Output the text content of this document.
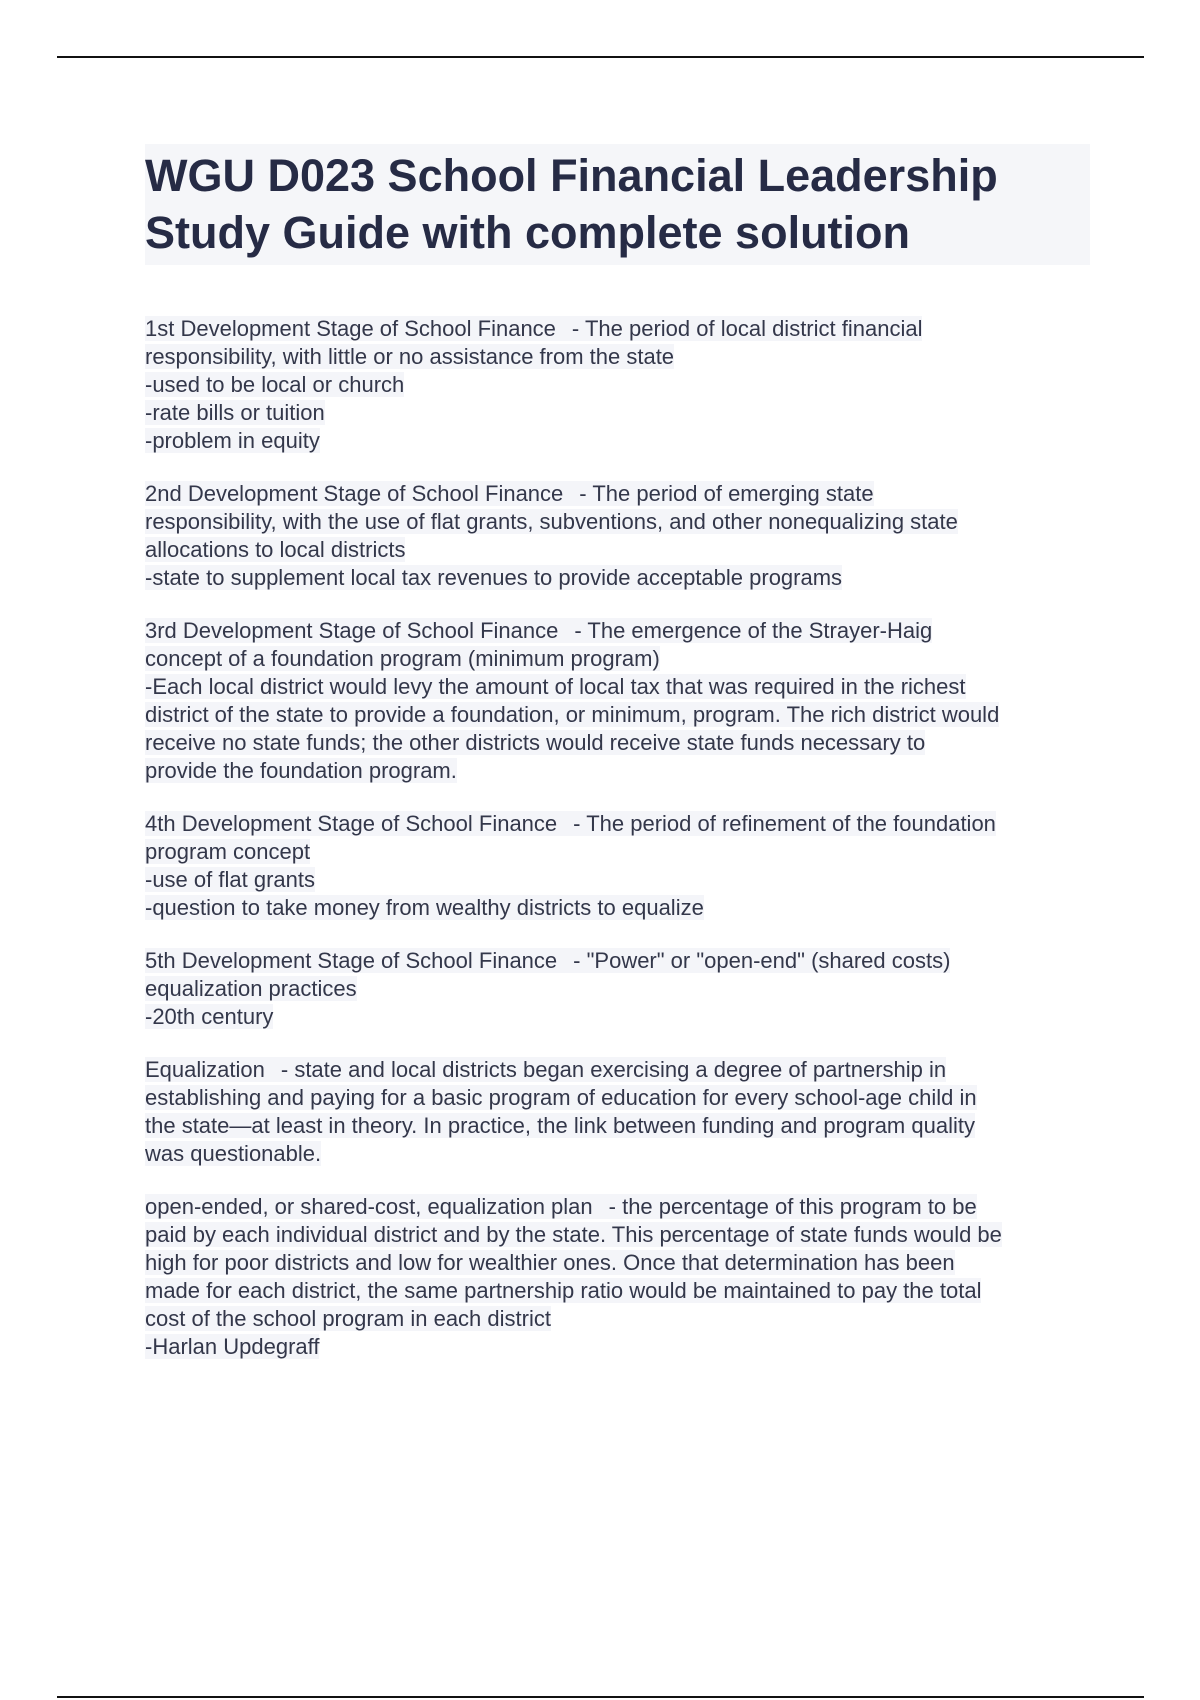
WGU D023 School Financial Leadership
Study Guide with complete solution
1st Development Stage of School Finance - The period of local district financial
responsibility, with little or no assistance from the state
-used to be local or church
-rate bills or tuition
-problem in equity
2nd Development Stage of School Finance - The period of emerging state
responsibility, with the use of flat grants, subventions, and other nonequalizing state
allocations to local districts
-state to supplement local tax revenues to provide acceptable programs
3rd Development Stage of School Finance - The emergence of the Strayer-Haig
concept of a foundation program (minimum program)
-Each local district would levy the amount of local tax that was required in the richest
district of the state to provide a foundation, or minimum, program. The rich district would
receive no state funds; the other districts would receive state funds necessary to
provide the foundation program.
4th Development Stage of School Finance - The period of refinement of the foundation
program concept
-use of flat grants
-question to take money from wealthy districts to equalize
5th Development Stage of School Finance - "Power" or "open-end" (shared costs)
equalization practices
-20th century
Equalization - state and local districts began exercising a degree of partnership in
establishing and paying for a basic program of education for every school-age child in
the state—at least in theory. In practice, the link between funding and program quality
was questionable.
open-ended, or shared-cost, equalization plan - the percentage of this program to be
paid by each individual district and by the state. This percentage of state funds would be
high for poor districts and low for wealthier ones. Once that determination has been
made for each district, the same partnership ratio would be maintained to pay the total
cost of the school program in each district
-Harlan Updegraff
